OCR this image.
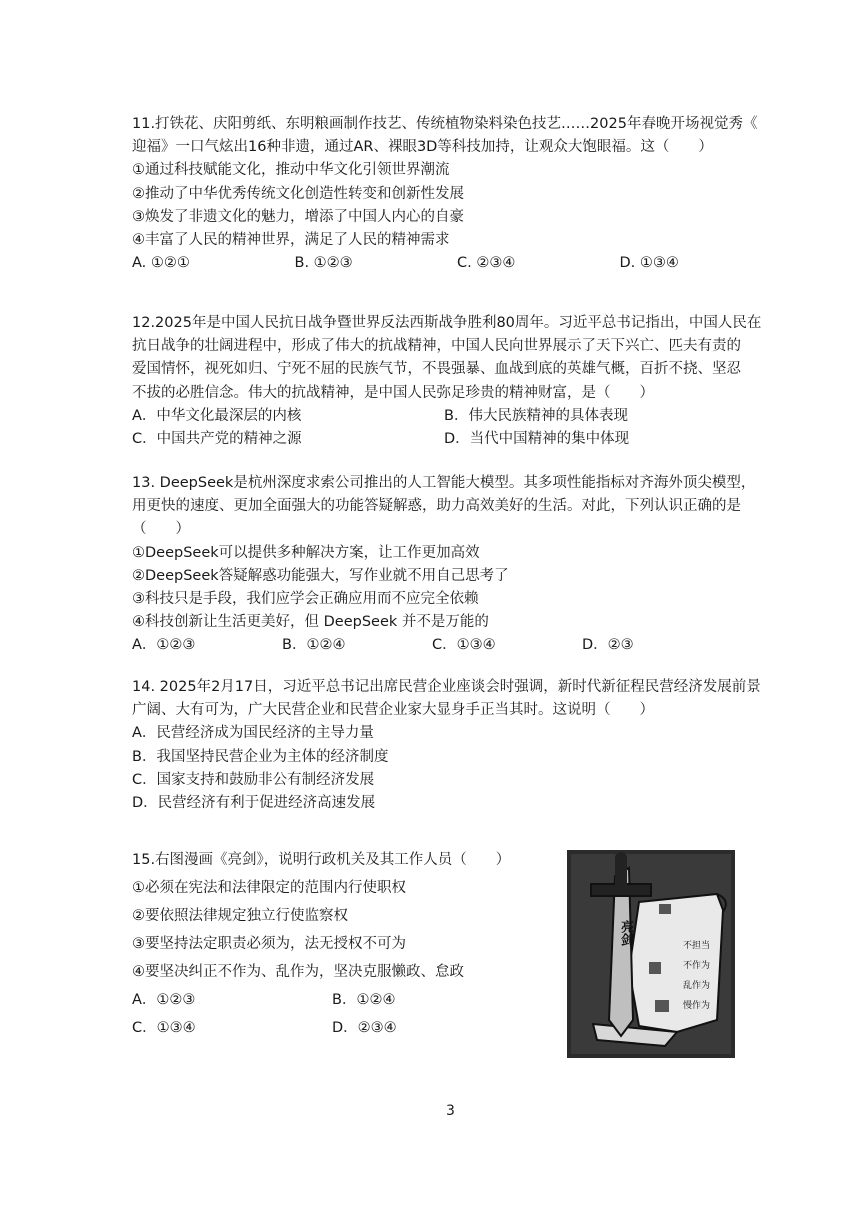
11.打铁花、庆阳剪纸、东明粮画制作技艺、传统植物染料染色技艺……2025年春晚开场视觉秀《
迎福》一口气炫出16种非遗，通过AR、裸眼3D等科技加持，让观众大饱眼福。这（　　）
①通过科技赋能文化，推动中华文化引领世界潮流
②推动了中华优秀传统文化创造性转变和创新性发展
③焕发了非遗文化的魅力，增添了中国人内心的自豪
④丰富了人民的精神世界，满足了人民的精神需求
A. ①②①	B. ①②③	C. ②③④	D. ①③④
12.2025年是中国人民抗日战争暨世界反法西斯战争胜利80周年。习近平总书记指出，中国人民在
抗日战争的壮阔进程中，形成了伟大的抗战精神，中国人民向世界展示了天下兴亡、匹夫有责的
爱国情怀，视死如归、宁死不屈的民族气节，不畏强暴、血战到底的英雄气概，百折不挠、坚忍
不拔的必胜信念。伟大的抗战精神，是中国人民弥足珍贵的精神财富，是（　　）
A．中华文化最深层的内核	B．伟大民族精神的具体表现
C．中国共产党的精神之源	D．当代中国精神的集中体现
13. DeepSeek是杭州深度求索公司推出的人工智能大模型。其多项性能指标对齐海外顶尖模型，
用更快的速度、更加全面强大的功能答疑解惑，助力高效美好的生活。对此，下列认识正确的是
（　　）
①DeepSeek可以提供多种解决方案，让工作更加高效
②DeepSeek答疑解惑功能强大，写作业就不用自己思考了
③科技只是手段，我们应学会正确应用而不应完全依赖
④科技创新让生活更美好，但 DeepSeek 并不是万能的
A．①②③	B．①②④	C．①③④	D．②③
14. 2025年2月17日，习近平总书记出席民营企业座谈会时强调，新时代新征程民营经济发展前景
广阔、大有可为，广大民营企业和民营企业家大显身手正当其时。这说明（　　）
A．民营经济成为国民经济的主导力量
B．我国坚持民营企业为主体的经济制度
C．国家支持和鼓励非公有制经济发展
D．民营经济有利于促进经济高速发展
15.右图漫画《亮剑》，说明行政机关及其工作人员（　　）
①必须在宪法和法律限定的范围内行使职权
②要依照法律规定独立行使监察权
③要坚持法定职责必须为，法无授权不可为
④要坚决纠正不作为、乱作为，坚决克服懒政、怠政
A．①②③	B．①②④
C．①③④	D．②③④
亮剑	不担当
不作为
乱作为
慢作为
3
